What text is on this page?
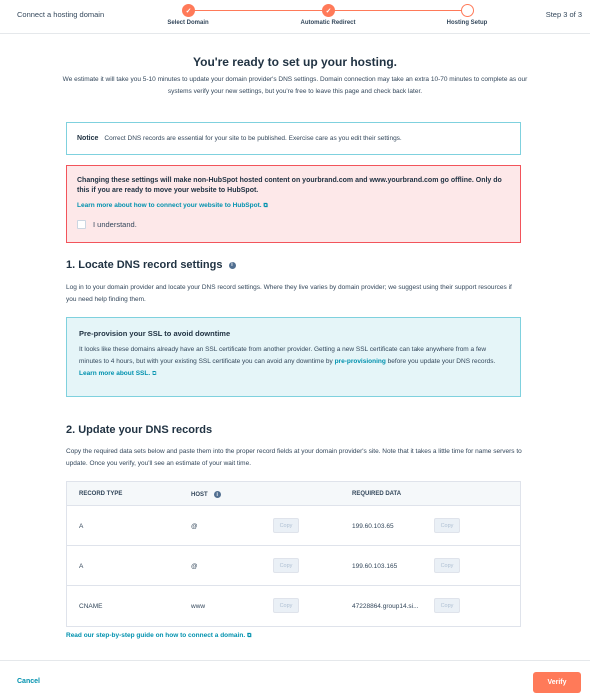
Connect a hosting domain	✓
Select Domain
✓
Automatic Redirect	Hosting Setup
Step 3 of 3
You're ready to set up your hosting.
We estimate it will take you 5-10 minutes to update your domain provider's DNS settings. Domain connection may take an extra 10-70 minutes to complete as our systems verify your new settings, but you're free to leave this page and check back later.
Notice Correct DNS records are essential for your site to be published. Exercise care as you edit their settings.
Changing these settings will make non-HubSpot hosted content on yourbrand.com and www.yourbrand.com go offline. Only do this if you are ready to move your website to HubSpot.
Learn more about how to connect your website to HubSpot. ⧉
I understand.
1. Locate DNS record settings	i
Log in to your domain provider and locate your DNS record settings. Where they live varies by domain provider; we suggest using their support resources if you need help finding them.
Pre-provision your SSL to avoid downtime
It looks like these domains already have an SSL certificate from another provider. Getting a new SSL certificate can take anywhere from a few minutes to 4 hours, but with your existing SSL certificate you can avoid any downtime by pre-provisioning before you update your DNS records. Learn more about SSL. ⧉
2. Update your DNS records
Copy the required data sets below and paste them into the proper record fields at your domain provider's site. Note that it takes a little time for name servers to update. Once you verify, you'll see an estimate of your wait time.
RECORD TYPE	HOST	i	REQUIRED DATA
A	@	Copy	199.60.103.65	Copy
A	@	Copy	199.60.103.165	Copy
CNAME	www	Copy	47228864.group14.si...	Copy
Read our step-by-step guide on how to connect a domain. ⧉
Cancel	Verify
